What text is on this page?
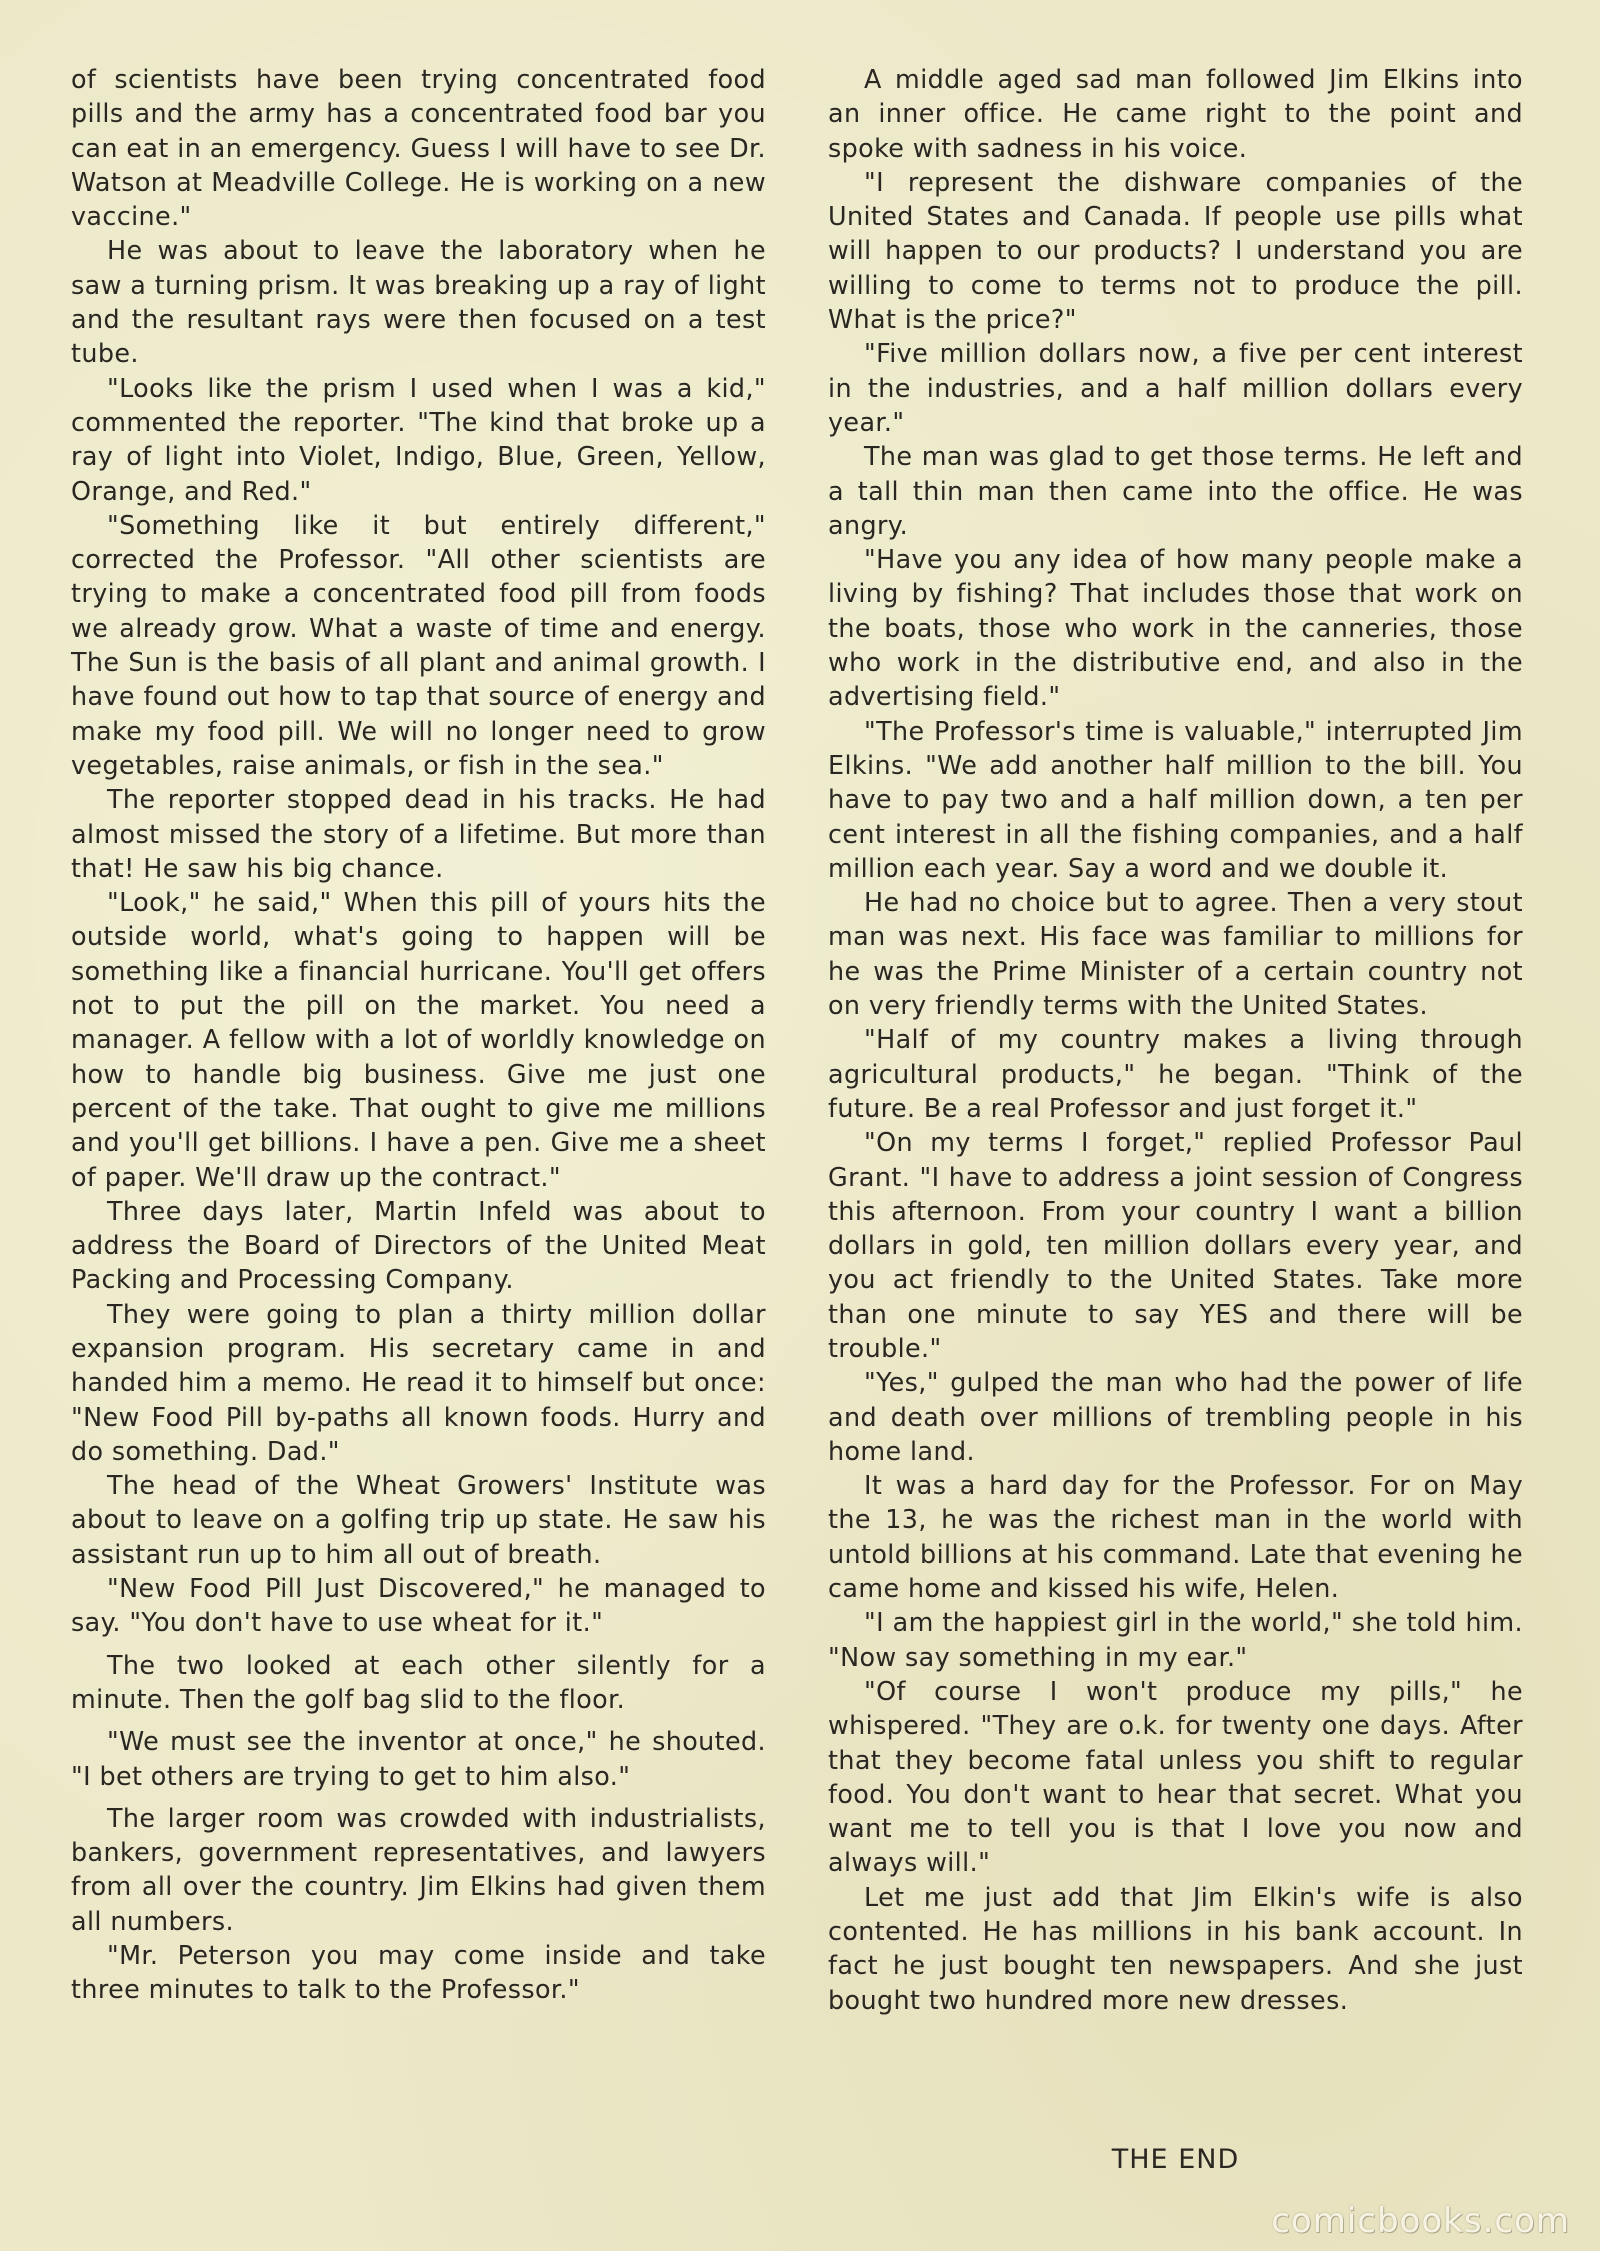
of scientists have been trying concentrated food pills and the army has a concentrated food bar you can eat in an emergency. Guess I will have to see Dr. Watson at Meadville College. He is working on a new vaccine."

He was about to leave the laboratory when he saw a turning prism. It was breaking up a ray of light and the resultant rays were then focused on a test tube.

"Looks like the prism I used when I was a kid," commented the reporter. "The kind that broke up a ray of light into Violet, Indigo, Blue, Green, Yellow, Orange, and Red."

"Something like it but entirely different," corrected the Professor. "All other scientists are trying to make a concentrated food pill from foods we already grow. What a waste of time and energy. The Sun is the basis of all plant and animal growth. I have found out how to tap that source of energy and make my food pill. We will no longer need to grow vegetables, raise animals, or fish in the sea."

The reporter stopped dead in his tracks. He had almost missed the story of a lifetime. But more than that! He saw his big chance.

"Look," he said," When this pill of yours hits the outside world, what's going to happen will be something like a financial hurricane. You'll get offers not to put the pill on the market. You need a manager. A fellow with a lot of worldly knowledge on how to handle big business. Give me just one percent of the take. That ought to give me millions and you'll get billions. I have a pen. Give me a sheet of paper. We'll draw up the contract."

Three days later, Martin Infeld was about to address the Board of Directors of the United Meat Packing and Processing Company.

They were going to plan a thirty million dollar expansion program. His secretary came in and handed him a memo. He read it to himself but once: "New Food Pill by-paths all known foods. Hurry and do something. Dad."

The head of the Wheat Growers' Institute was about to leave on a golfing trip up state. He saw his assistant run up to him all out of breath.

"New Food Pill Just Discovered," he managed to say. "You don't have to use wheat for it."

The two looked at each other silently for a minute. Then the golf bag slid to the floor.

"We must see the inventor at once," he shouted. "I bet others are trying to get to him also."

The larger room was crowded with industrialists, bankers, government representatives, and lawyers from all over the country. Jim Elkins had given them all numbers.

"Mr. Peterson you may come inside and take three minutes to talk to the Professor."

A middle aged sad man followed Jim Elkins into an inner office. He came right to the point and spoke with sadness in his voice.

"I represent the dishware companies of the United States and Canada. If people use pills what will happen to our products? I understand you are willing to come to terms not to produce the pill. What is the price?"

"Five million dollars now, a five per cent interest in the industries, and a half million dollars every year."

The man was glad to get those terms. He left and a tall thin man then came into the office. He was angry.

"Have you any idea of how many people make a living by fishing? That includes those that work on the boats, those who work in the canneries, those who work in the distributive end, and also in the advertising field."

"The Professor's time is valuable," interrupted Jim Elkins. "We add another half million to the bill. You have to pay two and a half million down, a ten per cent interest in all the fishing companies, and a half million each year. Say a word and we double it.

He had no choice but to agree. Then a very stout man was next. His face was familiar to millions for he was the Prime Minister of a certain country not on very friendly terms with the United States.

"Half of my country makes a living through agricultural products," he began. "Think of the future. Be a real Professor and just forget it."

"On my terms I forget," replied Professor Paul Grant. "I have to address a joint session of Congress this afternoon. From your country I want a billion dollars in gold, ten million dollars every year, and you act friendly to the United States. Take more than one minute to say YES and there will be trouble."

"Yes," gulped the man who had the power of life and death over millions of trembling people in his home land.

It was a hard day for the Professor. For on May the 13, he was the richest man in the world with untold billions at his command. Late that evening he came home and kissed his wife, Helen.

"I am the happiest girl in the world," she told him. "Now say something in my ear."

"Of course I won't produce my pills," he whispered. "They are o.k. for twenty one days. After that they become fatal unless you shift to regular food. You don't want to hear that secret. What you want me to tell you is that I love you now and always will."

Let me just add that Jim Elkin's wife is also contented. He has millions in his bank account. In fact he just bought ten newspapers. And she just bought two hundred more new dresses.

THE END
comicbooks.com
